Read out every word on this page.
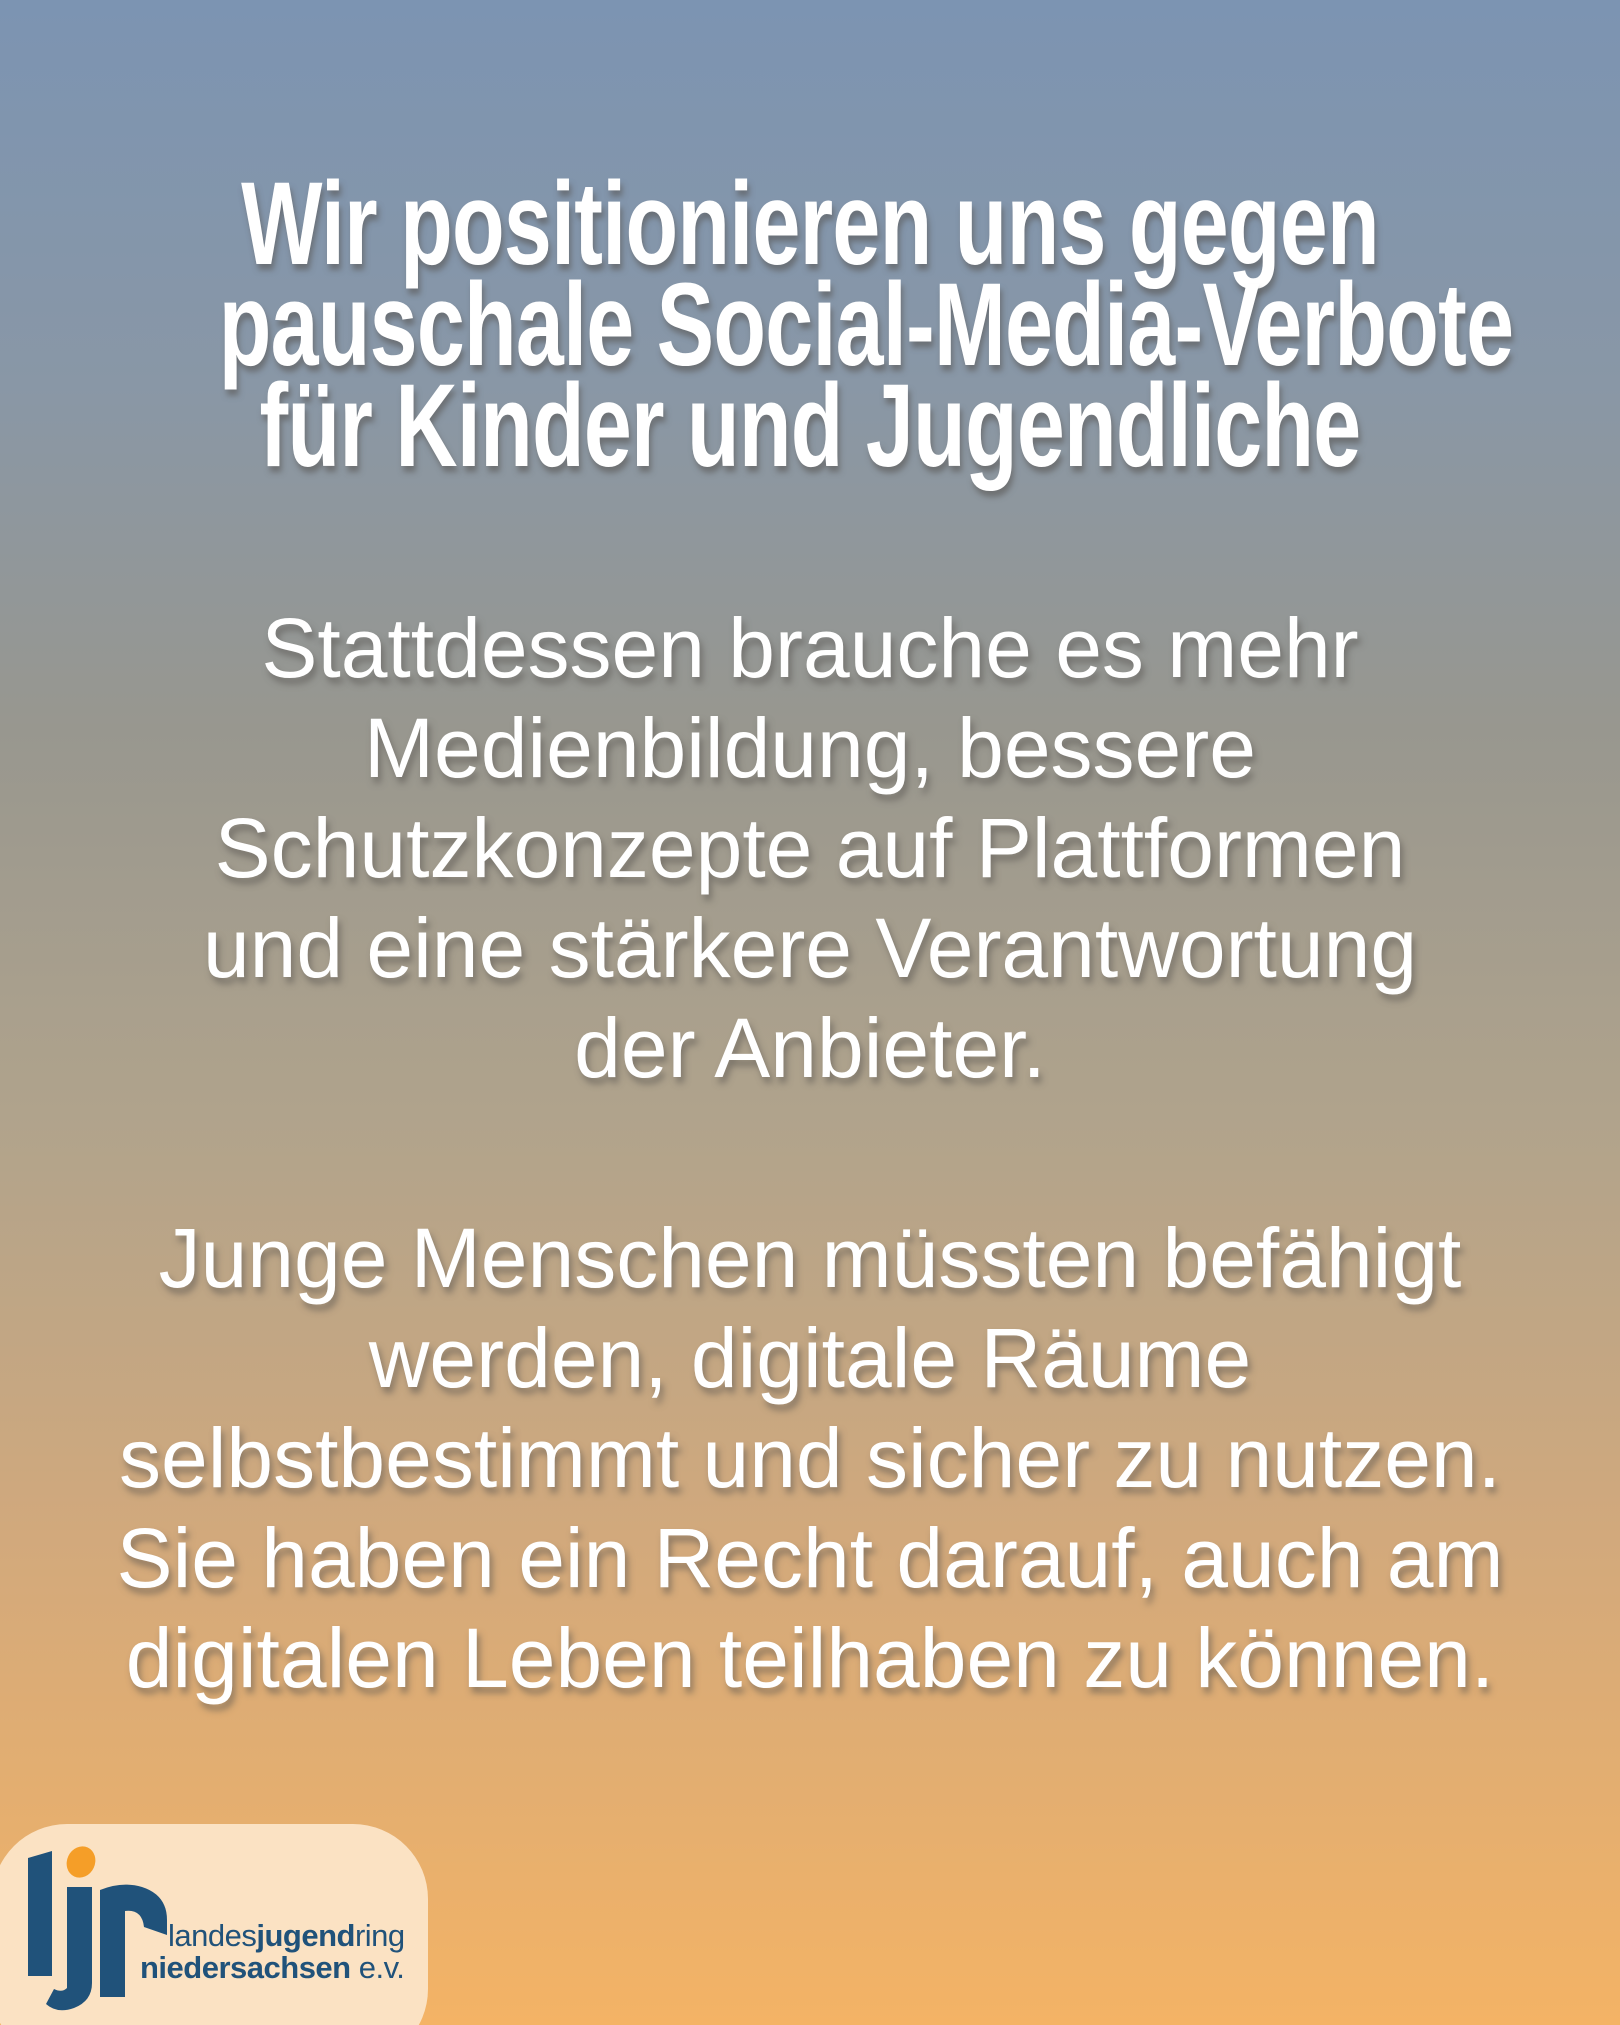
Wir positionieren uns gegen
pauschale Social-Media-Verbote
für Kinder und Jugendliche
Stattdessen brauche es mehr
Medienbildung, bessere
Schutzkonzepte auf Plattformen
und eine stärkere Verantwortung
der Anbieter.
Junge Menschen müssten befähigt
werden, digitale Räume
selbstbestimmt und sicher zu nutzen.
Sie haben ein Recht darauf, auch am
digitalen Leben teilhaben zu können.
landesjugendring
niedersachsen e.v.
